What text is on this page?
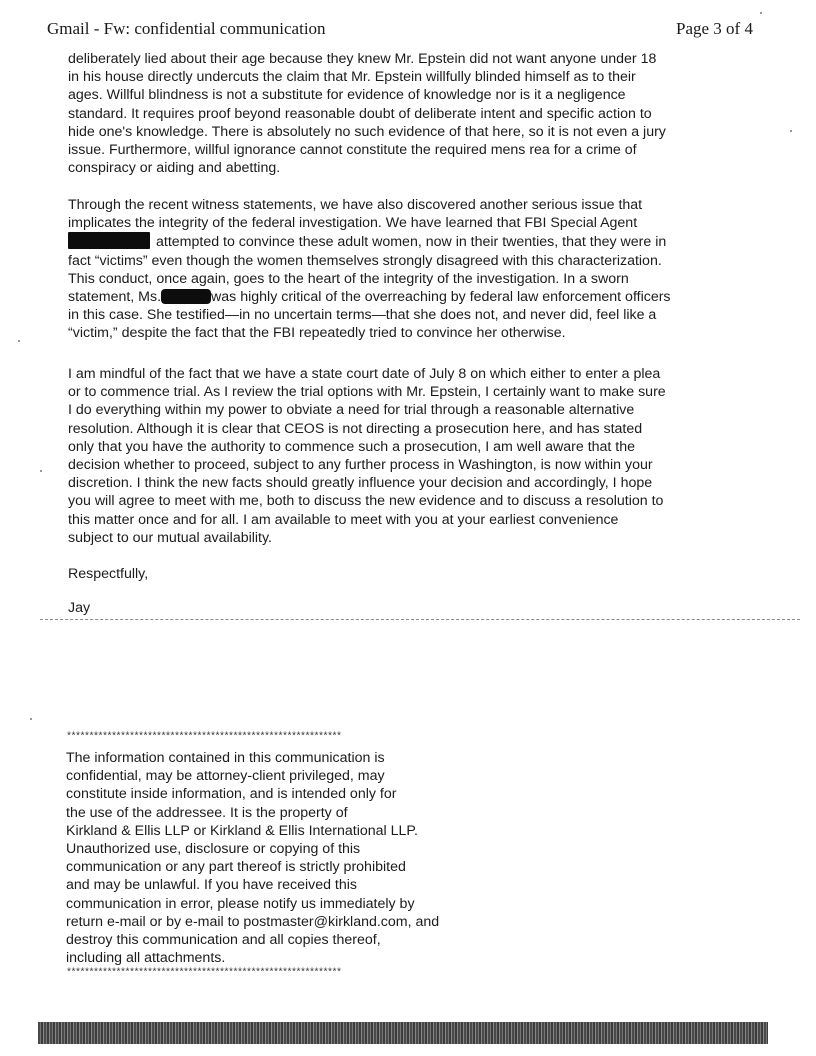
Gmail - Fw: confidential communication	Page 3 of 4

deliberately lied about their age because they knew Mr. Epstein did not want anyone under 18
in his house directly undercuts the claim that Mr. Epstein willfully blinded himself as to their
ages. Willful blindness is not a substitute for evidence of knowledge nor is it a negligence
standard. It requires proof beyond reasonable doubt of deliberate intent and specific action to
hide one's knowledge. There is absolutely no such evidence of that here, so it is not even a jury
issue. Furthermore, willful ignorance cannot constitute the required mens rea for a crime of
conspiracy or aiding and abetting.

Through the recent witness statements, we have also discovered another serious issue that
implicates the integrity of the federal investigation. We have learned that FBI Special Agent
attempted to convince these adult women, now in their twenties, that they were in
fact “victims” even though the women themselves strongly disagreed with this characterization.
This conduct, once again, goes to the heart of the integrity of the investigation. In a sworn
statement, Ms.	was highly critical of the overreaching by federal law enforcement officers
in this case. She testified—in no uncertain terms—that she does not, and never did, feel like a
“victim,” despite the fact that the FBI repeatedly tried to convince her otherwise.

I am mindful of the fact that we have a state court date of July 8 on which either to enter a plea
or to commence trial. As I review the trial options with Mr. Epstein, I certainly want to make sure
I do everything within my power to obviate a need for trial through a reasonable alternative
resolution. Although it is clear that CEOS is not directing a prosecution here, and has stated
only that you have the authority to commence such a prosecution, I am well aware that the
decision whether to proceed, subject to any further process in Washington, is now within your
discretion. I think the new facts should greatly influence your decision and accordingly, I hope
you will agree to meet with me, both to discuss the new evidence and to discuss a resolution to
this matter once and for all. I am available to meet with you at your earliest convenience
subject to our mutual availability.

Respectfully,
Jay
*************************************************************

The information contained in this communication is
confidential, may be attorney-client privileged, may
constitute inside information, and is intended only for
the use of the addressee. It is the property of
Kirkland & Ellis LLP or Kirkland & Ellis International LLP.
Unauthorized use, disclosure or copying of this
communication or any part thereof is strictly prohibited
and may be unlawful. If you have received this
communication in error, please notify us immediately by
return e-mail or by e-mail to postmaster@kirkland.com, and
destroy this communication and all copies thereof,
including all attachments.

*************************************************************
